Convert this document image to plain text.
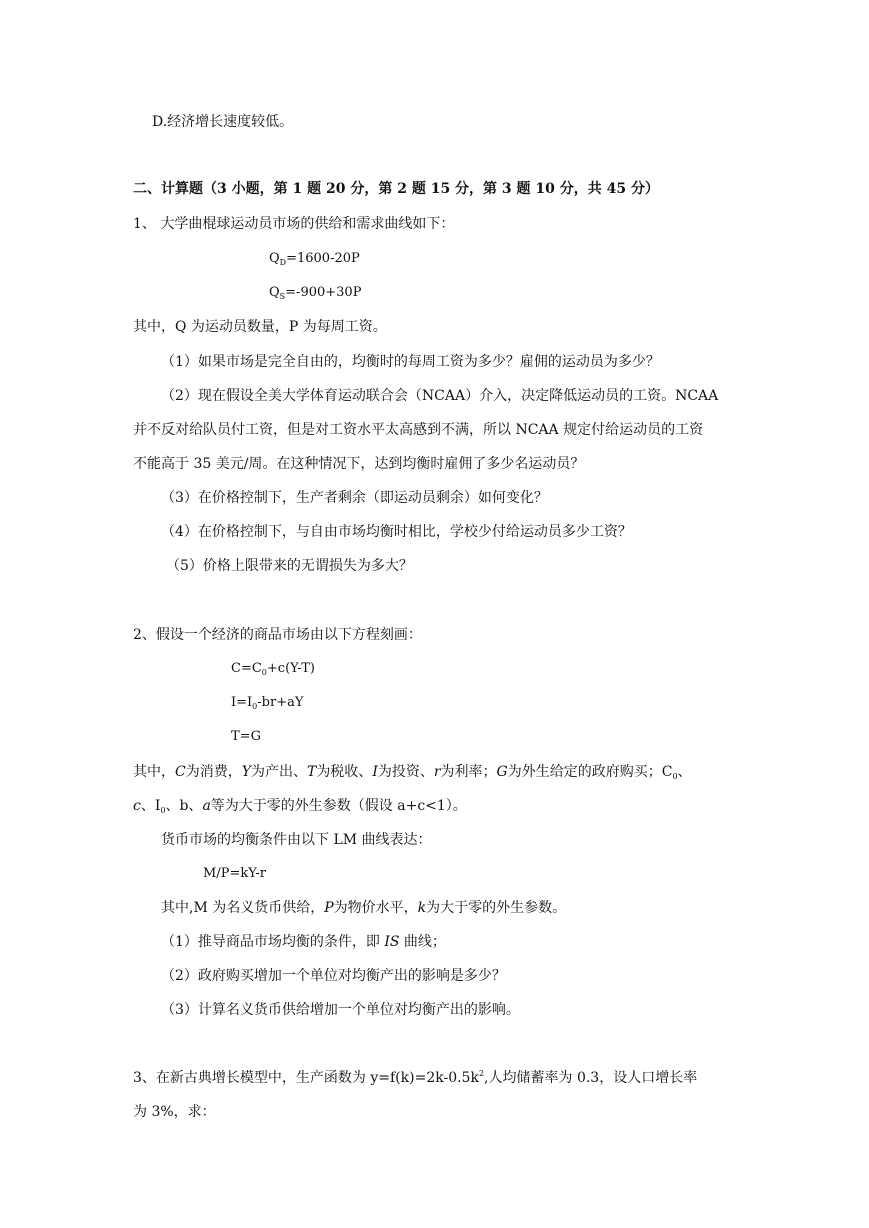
D.经济增长速度较低。
二、计算题（3 小题，第 1 题 20 分，第 2 题 15 分，第 3 题 10 分，共 45 分）
1、 大学曲棍球运动员市场的供给和需求曲线如下：
$Q_D=1600-20P$
$Q_S=-900+30P$
其中，Q 为运动员数量，P 为每周工资。
（1）如果市场是完全自由的，均衡时的每周工资为多少？雇佣的运动员为多少？
（2）现在假设全美大学体育运动联合会（NCAA）介入，决定降低运动员的工资。NCAA
并不反对给队员付工资，但是对工资水平太高感到不满，所以 NCAA 规定付给运动员的工资
不能高于 35 美元/周。在这种情况下，达到均衡时雇佣了多少名运动员？
（3）在价格控制下，生产者剩余（即运动员剩余）如何变化？
（4）在价格控制下，与自由市场均衡时相比，学校少付给运动员多少工资？
（5）价格上限带来的无谓损失为多大？
2、假设一个经济的商品市场由以下方程刻画：
$C=C_0+c(Y-T)$
$I=I_0-br+aY$
T=G
其中，C为消费，Y为产出、T为税收、I为投资、r为利率；G为外生给定的政府购买；$C_0$、
c、$I_0$、b、a等为大于零的外生参数（假设 a+c<1）。
货币市场的均衡条件由以下 LM 曲线表达：
M/P=kY-r
其中,M 为名义货币供给，P为物价水平，k为大于零的外生参数。
（1）推导商品市场均衡的条件，即 IS 曲线；
（2）政府购买增加一个单位对均衡产出的影响是多少？
（3）计算名义货币供给增加一个单位对均衡产出的影响。
3、在新古典增长模型中，生产函数为 $y=f(k)=2k-0.5k^2$,人均储蓄率为 0.3，设人口增长率
为 3%，求：
